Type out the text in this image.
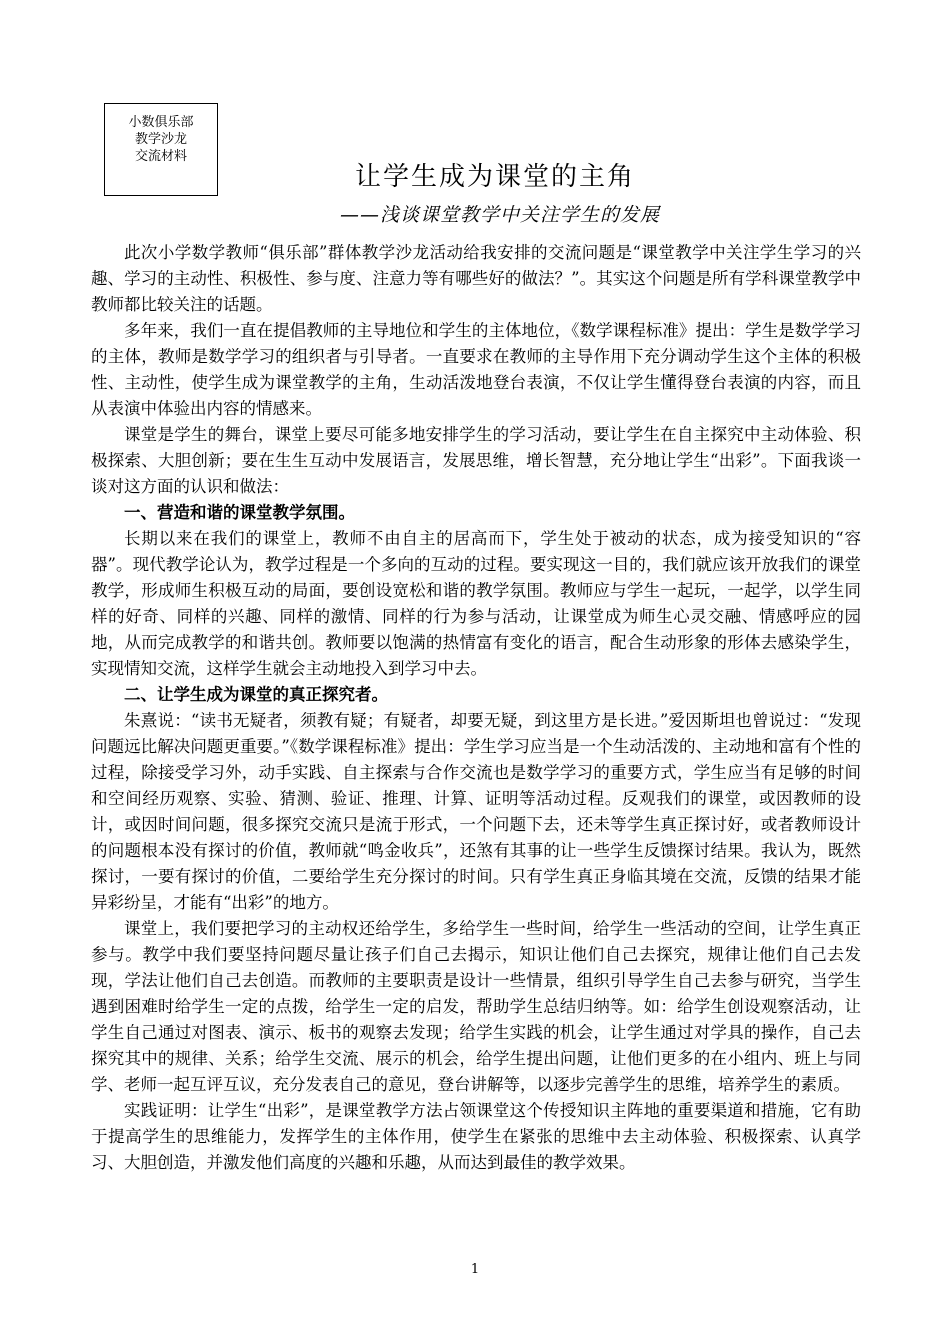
小数俱乐部
教学沙龙
交流材料
让学生成为课堂的主角
——浅谈课堂教学中关注学生的发展

此次小学数学教师“俱乐部”群体教学沙龙活动给我安排的交流问题是“课堂教学中关注学生学习的兴趣、学习的主动性、积极性、参与度、注意力等有哪些好的做法？”。其实这个问题是所有学科课堂教学中教师都比较关注的话题。

多年来，我们一直在提倡教师的主导地位和学生的主体地位，《数学课程标准》提出：学生是数学学习的主体，教师是数学学习的组织者与引导者。一直要求在教师的主导作用下充分调动学生这个主体的积极性、主动性，使学生成为课堂教学的主角，生动活泼地登台表演，不仅让学生懂得登台表演的内容，而且从表演中体验出内容的情感来。

课堂是学生的舞台，课堂上要尽可能多地安排学生的学习活动，要让学生在自主探究中主动体验、积极探索、大胆创新；要在生生互动中发展语言，发展思维，增长智慧，充分地让学生“出彩”。下面我谈一谈对这方面的认识和做法：

一、营造和谐的课堂教学氛围。

长期以来在我们的课堂上，教师不由自主的居高而下，学生处于被动的状态，成为接受知识的“容器”。现代教学论认为，教学过程是一个多向的互动的过程。要实现这一目的，我们就应该开放我们的课堂教学，形成师生积极互动的局面，要创设宽松和谐的教学氛围。教师应与学生一起玩，一起学，以学生同样的好奇、同样的兴趣、同样的激情、同样的行为参与活动，让课堂成为师生心灵交融、情感呼应的园地，从而完成教学的和谐共创。教师要以饱满的热情富有变化的语言，配合生动形象的形体去感染学生，实现情知交流，这样学生就会主动地投入到学习中去。

二、让学生成为课堂的真正探究者。

朱熹说：“读书无疑者，须教有疑；有疑者，却要无疑，到这里方是长进。”爱因斯坦也曾说过：“发现问题远比解决问题更重要。”《数学课程标准》提出：学生学习应当是一个生动活泼的、主动地和富有个性的过程，除接受学习外，动手实践、自主探索与合作交流也是数学学习的重要方式，学生应当有足够的时间和空间经历观察、实验、猜测、验证、推理、计算、证明等活动过程。反观我们的课堂，或因教师的设计，或因时间问题，很多探究交流只是流于形式，一个问题下去，还未等学生真正探讨好，或者教师设计的问题根本没有探讨的价值，教师就“鸣金收兵”，还煞有其事的让一些学生反馈探讨结果。我认为，既然探讨，一要有探讨的价值，二要给学生充分探讨的时间。只有学生真正身临其境在交流，反馈的结果才能异彩纷呈，才能有“出彩”的地方。

课堂上，我们要把学习的主动权还给学生，多给学生一些时间，给学生一些活动的空间，让学生真正参与。教学中我们要坚持问题尽量让孩子们自己去揭示，知识让他们自己去探究，规律让他们自己去发现，学法让他们自己去创造。而教师的主要职责是设计一些情景，组织引导学生自己去参与研究，当学生遇到困难时给学生一定的点拨，给学生一定的启发，帮助学生总结归纳等。如：给学生创设观察活动，让学生自己通过对图表、演示、板书的观察去发现；给学生实践的机会，让学生通过对学具的操作，自己去探究其中的规律、关系；给学生交流、展示的机会，给学生提出问题，让他们更多的在小组内、班上与同学、老师一起互评互议，充分发表自己的意见，登台讲解等，以逐步完善学生的思维，培养学生的素质。

实践证明：让学生“出彩”，是课堂教学方法占领课堂这个传授知识主阵地的重要渠道和措施，它有助于提高学生的思维能力，发挥学生的主体作用，使学生在紧张的思维中去主动体验、积极探索、认真学习、大胆创造，并激发他们高度的兴趣和乐趣，从而达到最佳的教学效果。

1
